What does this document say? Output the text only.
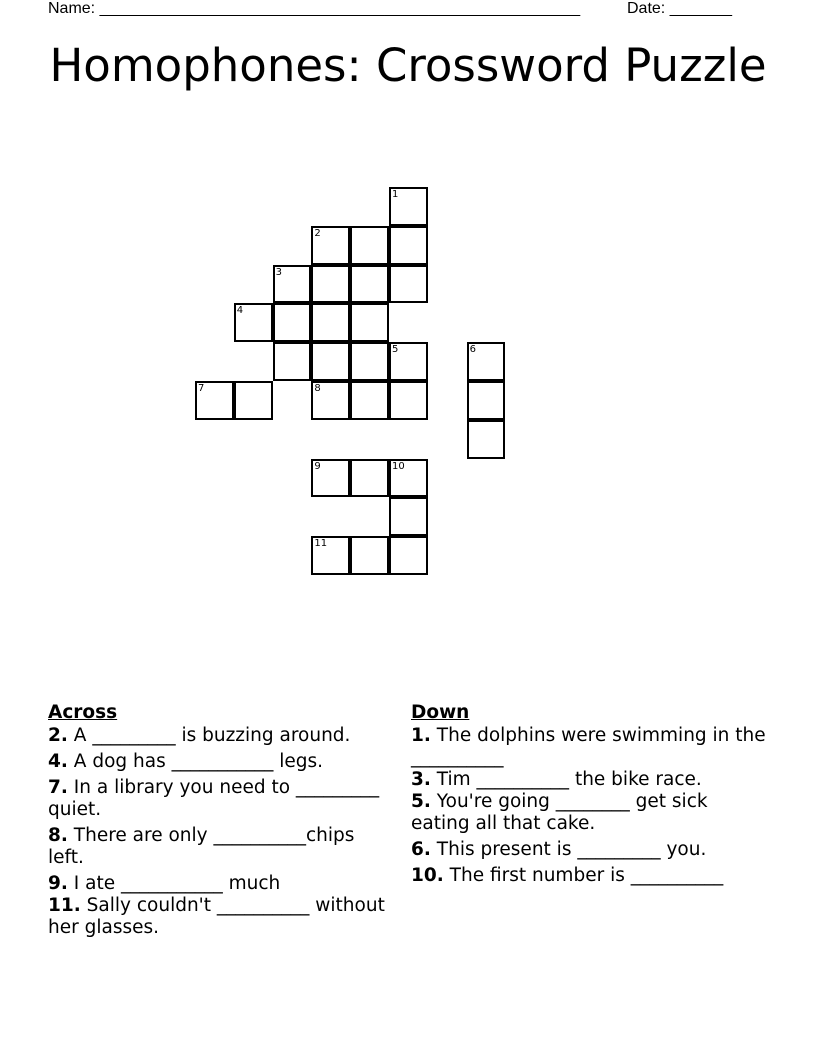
Name: ______________________________________________________	Date: _______
Homophones: Crossword Puzzle
1
2
3
4
5	6
7	8
9	10
11
Across
2. A _________ is buzzing around.
4. A dog has ___________ legs.
7. In a library you need to _________ quiet.
8. There are only __________chips left.
9. I ate ___________ much
11. Sally couldn't __________ without her glasses.
Down
1. The dolphins were swimming in the __________
3. Tim __________ the bike race.
5. You're going ________ get sick eating all that cake.
6. This present is _________ you.
10. The first number is __________
